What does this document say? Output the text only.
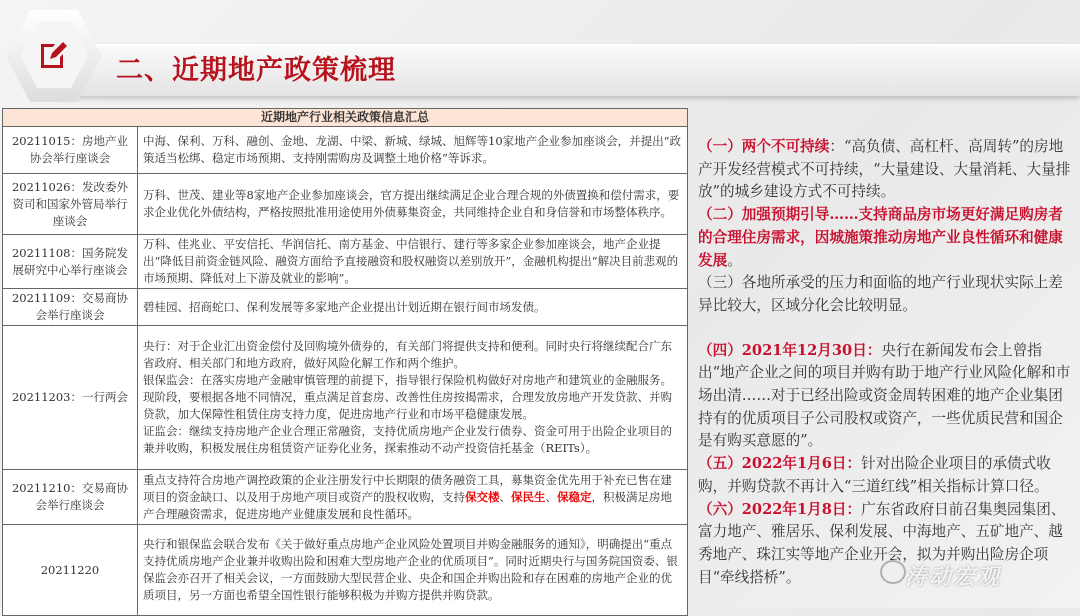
二、近期地产政策梳理
近期地产行业相关政策信息汇总	
20211015：房地产业协会举行座谈会	中海、保利、万科、融创、金地、龙湖、中梁、新城、绿城、旭辉等10家地产企业参加座谈会，并提出“政策适当松绑、稳定市场预期、支持刚需购房及调整土地价格”等诉求。
20211026：发改委外资司和国家外管局举行座谈会	万科、世茂、建业等8家地产企业参加座谈会，官方提出继续满足企业合理合规的外债置换和偿付需求，要求企业优化外债结构，严格按照批准用途使用外债募集资金，共同维持企业自和身信誉和市场整体秩序。
20211108：国务院发展研究中心举行座谈会	万科、佳兆业、平安信托、华润信托、南方基金、中信银行、建行等多家企业参加座谈会，地产企业提出“降低目前资金链风险、融资方面给予直接融资和股权融资以差别放开”，金融机构提出“解决目前悲观的市场预期、降低对上下游及就业的影响”。
20211109：交易商协会举行座谈会	碧桂园、招商蛇口、保利发展等多家地产企业提出计划近期在银行间市场发债。
20211203：一行两会	央行：对于企业汇出资金偿付及回购境外债券的，有关部门将提供支持和便利。同时央行将继续配合广东省政府、相关部门和地方政府，做好风险化解工作和两个维护。
银保监会：在落实房地产金融审慎管理的前提下，指导银行保险机构做好对房地产和建筑业的金融服务。现阶段，要根据各地不同情况，重点满足首套房、改善性住房按揭需求，合理发放房地产开发贷款、并购贷款，加大保障性租赁住房支持力度，促进房地产行业和市场平稳健康发展。
证监会：继续支持房地产企业合理正常融资，支持优质房地产企业发行债券、资金可用于出险企业项目的兼并收购，积极发展住房租赁资产证券化业务，探索推动不动产投资信托基金（REITs）。
20211210：交易商协会举行座谈会	重点支持符合房地产调控政策的企业注册发行中长期限的债务融资工具，募集资金优先用于补充已售在建项目的资金缺口、以及用于房地产项目或资产的股权收购，支持保交楼、保民生、保稳定，积极满足房地产合理融资需求，促进房地产业健康发展和良性循环。
20211220	央行和银保监会联合发布《关于做好重点房地产企业风险处置项目并购金融服务的通知》，明确提出“重点支持优质房地产企业兼并收购出险和困难大型房地产企业的优质项目”。同时近期央行与国务院国资委、银保监会亦召开了相关会议，一方面鼓励大型民营企业、央企和国企并购出险和存在困难的房地产企业的优质项目，另一方面也希望全国性银行能够积极为并购方提供并购贷款。

（一）两个不可持续：“高负债、高杠杆、高周转”的房地产开发经营模式不可持续，“大量建设、大量消耗、大量排放”的城乡建设方式不可持续。

（二）加强预期引导……支持商品房市场更好满足购房者的合理住房需求，因城施策推动房地产业良性循环和健康发展。

（三）各地所承受的压力和面临的地产行业现状实际上差异比较大，区域分化会比较明显。

（四）2021年12月30日：央行在新闻发布会上曾指出“地产企业之间的项目并购有助于地产行业风险化解和市场出清……对于已经出险或资金周转困难的地产企业集团持有的优质项目子公司股权或资产，一些优质民营和国企是有购买意愿的”。

（五）2022年1月6日：针对出险企业项目的承债式收购，并购贷款不再计入“三道红线”相关指标计算口径。

（六）2022年1月8日：广东省政府日前召集奥园集团、富力地产、雅居乐、保利发展、中海地产、五矿地产、越秀地产、珠江实等地产企业开会，拟为并购出险房企项目“牵线搭桥”。	涛动宏观
